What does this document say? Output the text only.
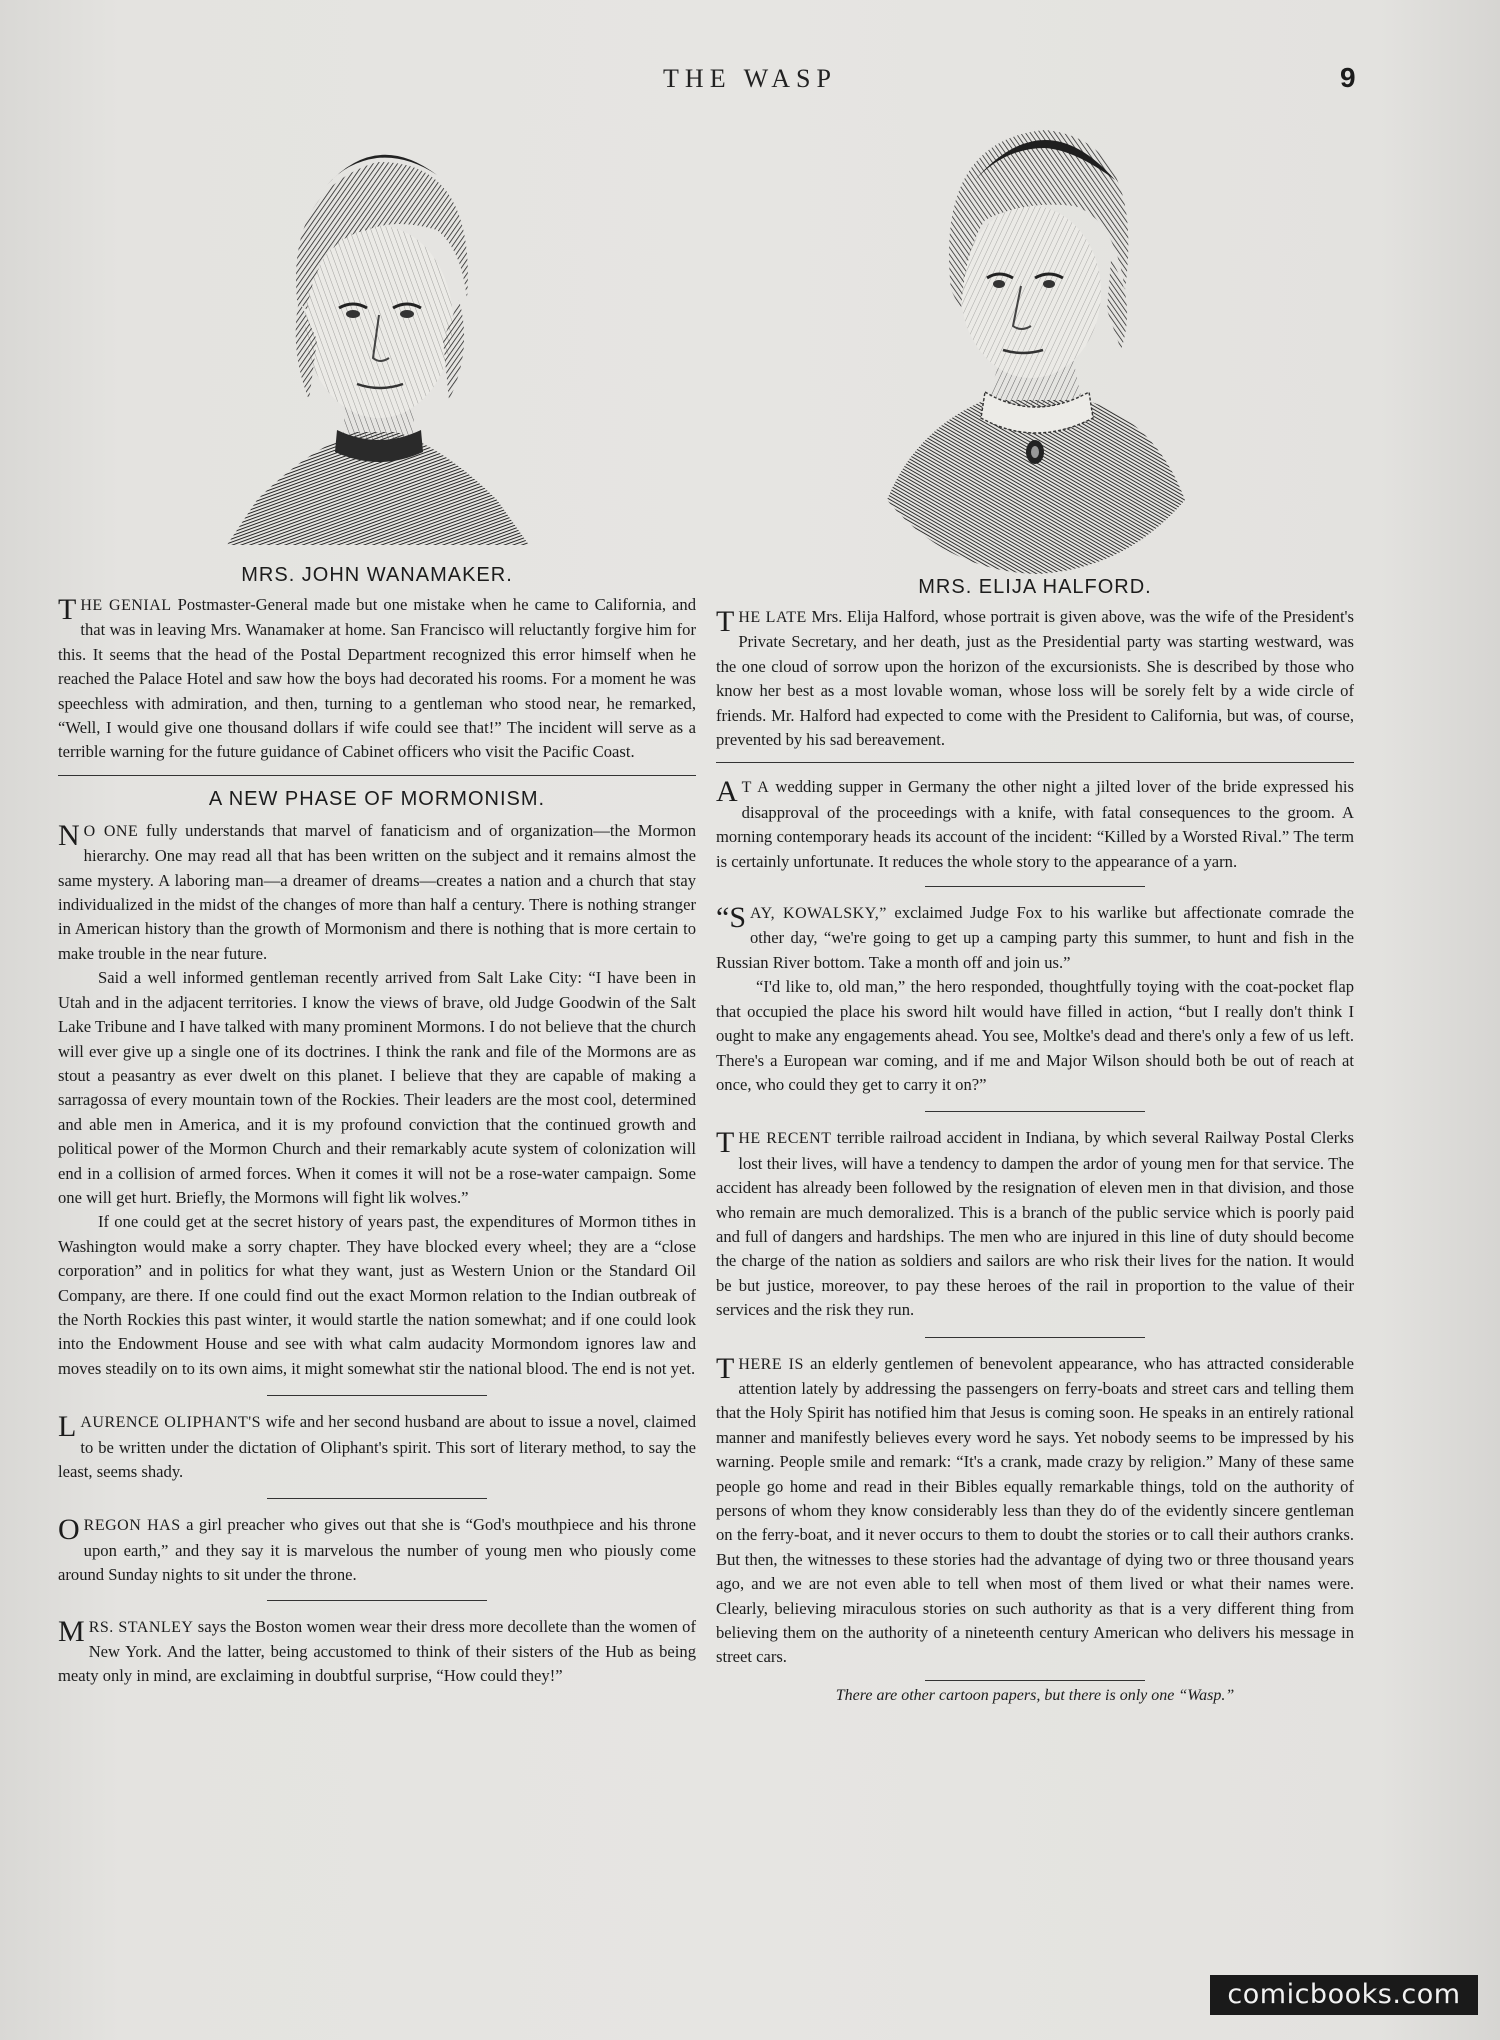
THE WASP	9

MRS. JOHN WANAMAKER.

THE GENIAL Postmaster-General made but one mistake when he came to California, and that was in leaving Mrs. Wanamaker at home. San Francisco will reluctantly forgive him for this. It seems that the head of the Postal Department recognized this error himself when he reached the Palace Hotel and saw how the boys had decorated his rooms. For a moment he was speechless with admiration, and then, turning to a gentleman who stood near, he remarked, “Well, I would give one thousand dollars if wife could see that!” The incident will serve as a terrible warning for the future guidance of Cabinet officers who visit the Pacific Coast.

A NEW PHASE OF MORMONISM.

N O ONE fully understands that marvel of fanaticism and of organization—the Mormon hierarchy. One may read all that has been written on the subject and it remains almost the same mystery. A laboring man—a dreamer of dreams—creates a nation and a church that stay individualized in the midst of the changes of more than half a century. There is nothing stranger in American history than the growth of Mormonism and there is nothing that is more certain to make trouble in the near future.

Said a well informed gentleman recently arrived from Salt Lake City: “I have been in Utah and in the adjacent territories. I know the views of brave, old Judge Goodwin of the Salt Lake Tribune and I have talked with many prominent Mormons. I do not believe that the church will ever give up a single one of its doctrines. I think the rank and file of the Mormons are as stout a peasantry as ever dwelt on this planet. I believe that they are capable of making a sarragossa of every mountain town of the Rockies. Their leaders are the most cool, determined and able men in America, and it is my profound conviction that the continued growth and political power of the Mormon Church and their remarkably acute system of colonization will end in a collision of armed forces. When it comes it will not be a rose-water campaign. Some one will get hurt. Briefly, the Mormons will fight lik wolves.”

If one could get at the secret history of years past, the expenditures of Mormon tithes in Washington would make a sorry chapter. They have blocked every wheel; they are a “close corporation” and in politics for what they want, just as Western Union or the Standard Oil Company, are there. If one could find out the exact Mormon relation to the Indian outbreak of the North Rockies this past winter, it would startle the nation somewhat; and if one could look into the Endowment House and see with what calm audacity Mormondom ignores law and moves steadily on to its own aims, it might somewhat stir the national blood. The end is not yet.

LAURENCE OLIPHANT'S wife and her second husband are about to issue a novel, claimed to be written under the dictation of Oliphant's spirit. This sort of literary method, to say the least, seems shady.

OREGON HAS a girl preacher who gives out that she is “God's mouthpiece and his throne upon earth,” and they say it is marvelous the number of young men who piously come around Sunday nights to sit under the throne.

MRS. STANLEY says the Boston women wear their dress more decollete than the women of New York. And the latter, being accustomed to think of their sisters of the Hub as being meaty only in mind, are exclaiming in doubtful surprise, “How could they!”

MRS. ELIJA HALFORD.

THE LATE Mrs. Elija Halford, whose portrait is given above, was the wife of the President's Private Secretary, and her death, just as the Presidential party was starting westward, was the one cloud of sorrow upon the horizon of the excursionists. She is described by those who know her best as a most lovable woman, whose loss will be sorely felt by a wide circle of friends. Mr. Halford had expected to come with the President to California, but was, of course, prevented by his sad bereavement.

A T A wedding supper in Germany the other night a jilted lover of the bride expressed his disapproval of the proceedings with a knife, with fatal consequences to the groom. A morning contemporary heads its account of the incident: “Killed by a Worsted Rival.” The term is certainly unfortunate. It reduces the whole story to the appearance of a yarn.

“SAY, KOWALSKY,” exclaimed Judge Fox to his warlike but affectionate comrade the other day, “we're going to get up a camping party this summer, to hunt and fish in the Russian River bottom. Take a month off and join us.”

“I'd like to, old man,” the hero responded, thoughtfully toying with the coat-pocket flap that occupied the place his sword hilt would have filled in action, “but I really don't think I ought to make any engagements ahead. You see, Moltke's dead and there's only a few of us left. There's a European war coming, and if me and Major Wilson should both be out of reach at once, who could they get to carry it on?”

THE RECENT terrible railroad accident in Indiana, by which several Railway Postal Clerks lost their lives, will have a tendency to dampen the ardor of young men for that service. The accident has already been followed by the resignation of eleven men in that division, and those who remain are much demoralized. This is a branch of the public service which is poorly paid and full of dangers and hardships. The men who are injured in this line of duty should become the charge of the nation as soldiers and sailors are who risk their lives for the nation. It would be but justice, moreover, to pay these heroes of the rail in proportion to the value of their services and the risk they run.

THERE IS an elderly gentlemen of benevolent appearance, who has attracted considerable attention lately by addressing the passengers on ferry-boats and street cars and telling them that the Holy Spirit has notified him that Jesus is coming soon. He speaks in an entirely rational manner and manifestly believes every word he says. Yet nobody seems to be impressed by his warning. People smile and remark: “It's a crank, made crazy by religion.” Many of these same people go home and read in their Bibles equally remarkable things, told on the authority of persons of whom they know considerably less than they do of the evidently sincere gentleman on the ferry-boat, and it never occurs to them to doubt the stories or to call their authors cranks. But then, the witnesses to these stories had the advantage of dying two or three thousand years ago, and we are not even able to tell when most of them lived or what their names were. Clearly, believing miraculous stories on such authority as that is a very different thing from believing them on the authority of a nineteenth century American who delivers his message in street cars.

There are other cartoon papers, but there is only one “Wasp.”
comicbooks.com
